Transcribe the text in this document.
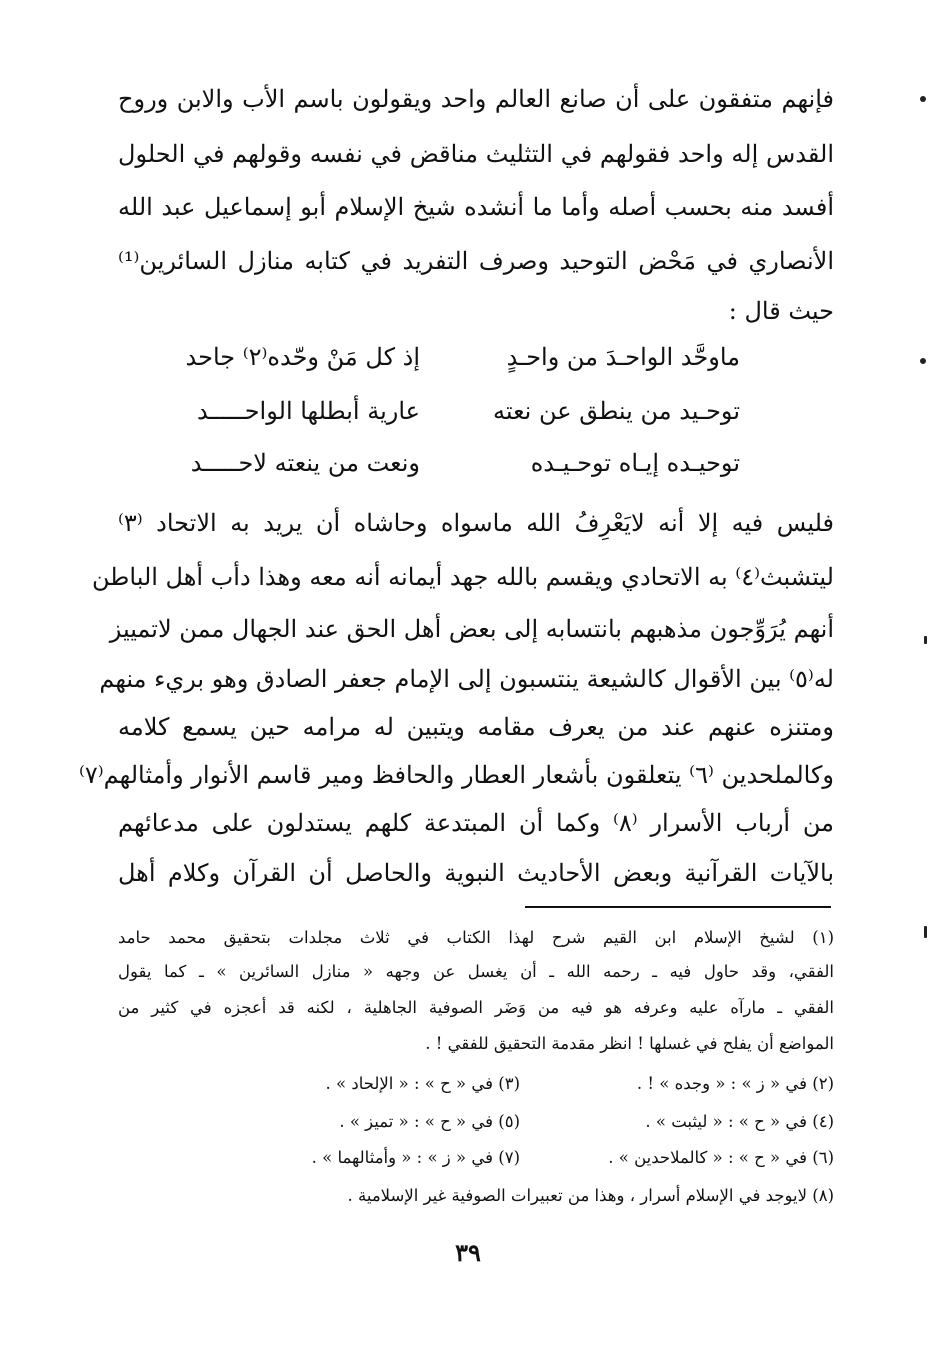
فإنهم متفقون على أن صانع العالم واحد ويقولون باسم الأب والابن وروح
القدس إله واحد فقولهم في التثليث مناقض في نفسه وقولهم في الحلول
أفسد منه بحسب أصله وأما ما أنشده شيخ الإسلام أبو إسماعيل عبد الله
الأنصاري في مَحْض التوحيد وصرف التفريد في كتابه منازل السائرين⁽¹⁾
حيث قال :
ماوحَّد الواحـدَ من واحـدٍ
إذ كل مَنْ وحّده⁽٢⁾ جاحد
توحـيد من ينطق عن نعته
عارية أبطلها الواحـــــد
توحيـده إيـاه توحـيـده
ونعت من ينعته لاحـــــد
فليس فيه إلا أنه لايَعْرِفُ الله ماسواه وحاشاه أن يريد به الاتحاد ⁽٣⁾
ليتشبث⁽٤⁾ به الاتحادي ويقسم بالله جهد أيمانه أنه معه وهذا دأب أهل الباطن
أنهم يُرَوِّجون مذهبهم بانتسابه إلى بعض أهل الحق عند الجهال ممن لاتمييز
له⁽٥⁾ بين الأقوال كالشيعة ينتسبون إلى الإمام جعفر الصادق وهو بريء منهم
ومتنزه عنهم عند من يعرف مقامه ويتبين له مرامه حين يسمع كلامه
وكالملحدين ⁽٦⁾ يتعلقون بأشعار العطار والحافظ ومير قاسم الأنوار وأمثالهم⁽٧⁾
من أرباب الأسرار ⁽٨⁾ وكما أن المبتدعة كلهم يستدلون على مدعائهم
بالآيات القرآنية وبعض الأحاديث النبوية والحاصل أن القرآن وكلام أهل
(١) لشيخ الإسلام ابن القيم شرح لهذا الكتاب في ثلاث مجلدات بتحقيق محمد حامد
الفقي، وقد حاول فيه ـ رحمه الله ـ أن يغسل عن وجهه « منازل السائرين » ـ كما يقول
الفقي ـ مارآه عليه وعرفه هو فيه من وَضَر الصوفية الجاهلية ، لكنه قد أعجزه في كثير من
المواضع أن يفلح في غسلها ! انظر مقدمة التحقيق للفقي ! .
(٢) في « ز » : « وجده » ! .
(٣) في « ح » : « الإلحاد » .
(٤) في « ح » : « ليثبت » .
(٥) في « ح » : « تميز » .
(٦) في « ح » : « كالملاحدين » .
(٧) في « ز » : « وأمثالهما » .
(٨) لايوجد في الإسلام أسرار ، وهذا من تعبيرات الصوفية غير الإسلامية .
٣٩
